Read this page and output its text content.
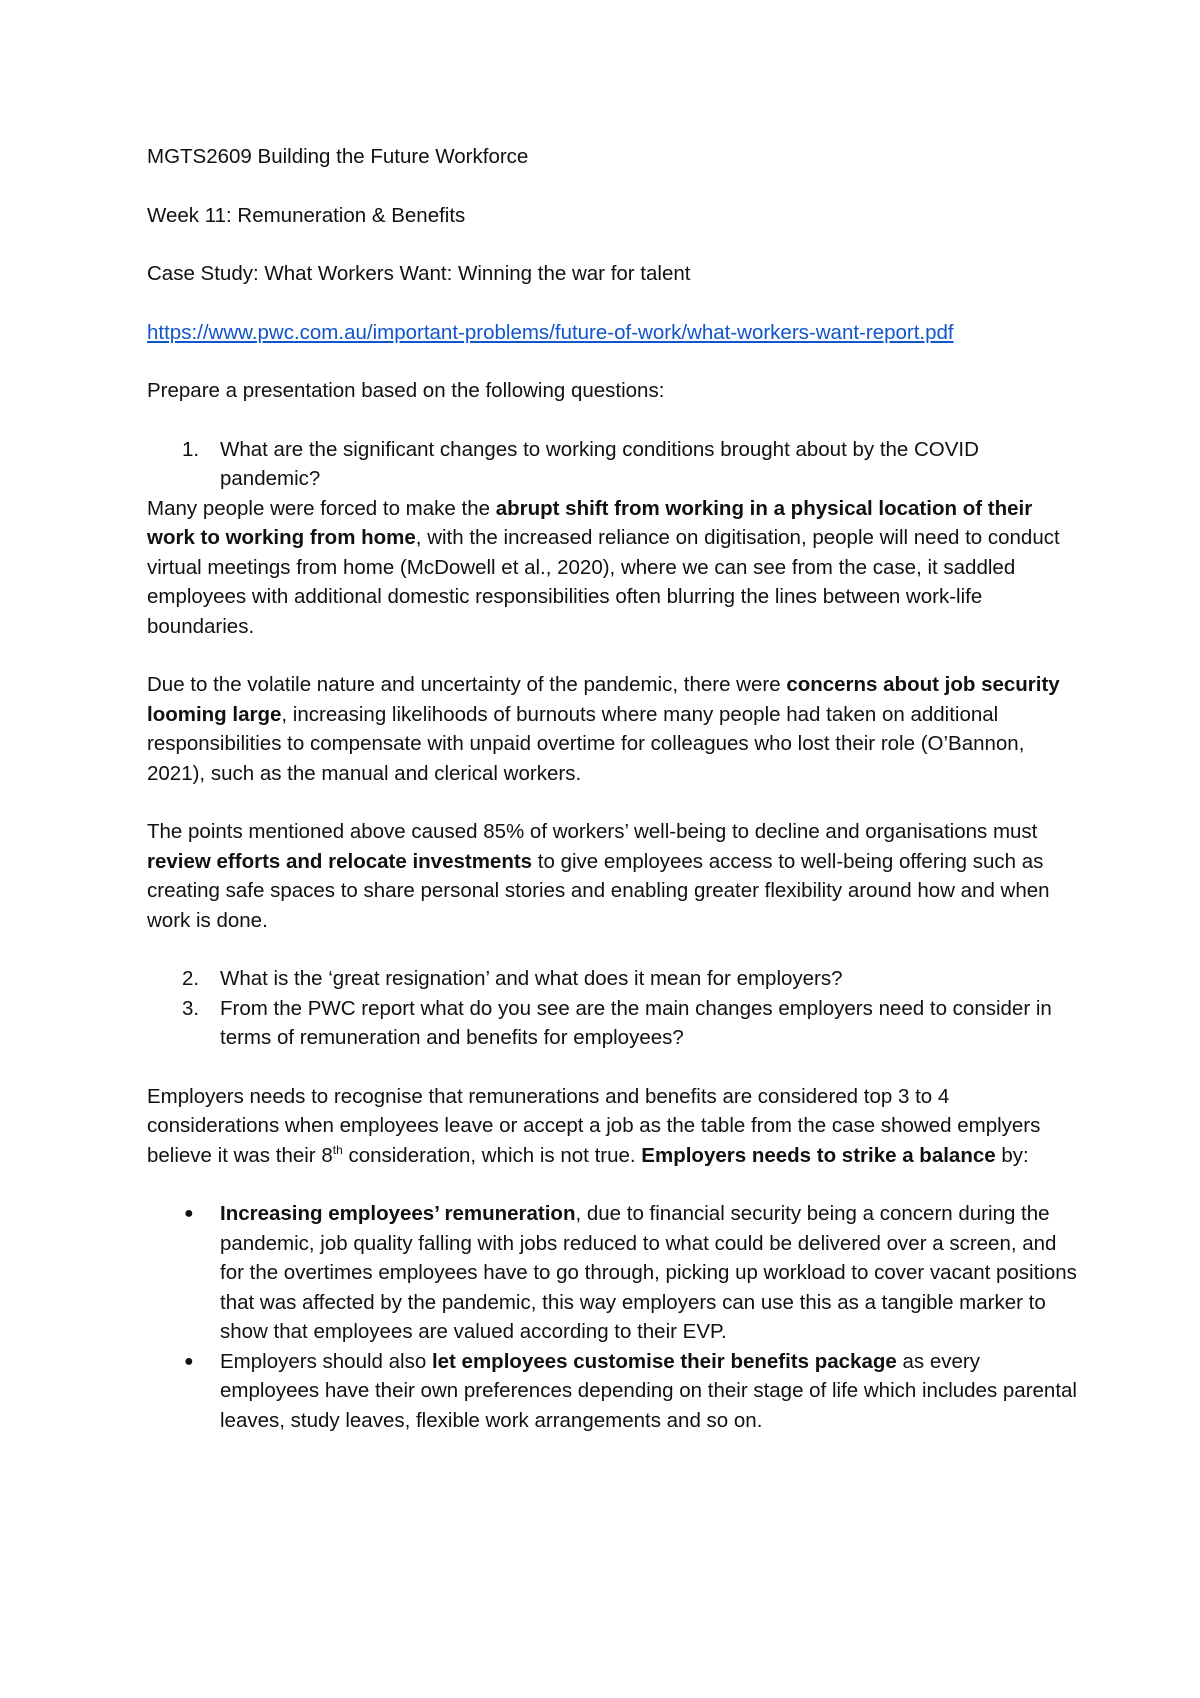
MGTS2609 Building the Future Workforce

Week 11: Remuneration & Benefits

Case Study: What Workers Want: Winning the war for talent

https://www.pwc.com.au/important-problems/future-of-work/what-workers-want-report.pdf

Prepare a presentation based on the following questions:

1. What are the significant changes to working conditions brought about by the COVID pandemic?

Many people were forced to make the abrupt shift from working in a physical location of their work to working from home, with the increased reliance on digitisation, people will need to conduct virtual meetings from home (McDowell et al., 2020), where we can see from the case, it saddled employees with additional domestic responsibilities often blurring the lines between work-life boundaries.

Due to the volatile nature and uncertainty of the pandemic, there were concerns about job security looming large, increasing likelihoods of burnouts where many people had taken on additional responsibilities to compensate with unpaid overtime for colleagues who lost their role (O’Bannon, 2021), such as the manual and clerical workers.

The points mentioned above caused 85% of workers’ well-being to decline and organisations must review efforts and relocate investments to give employees access to well-being offering such as creating safe spaces to share personal stories and enabling greater flexibility around how and when work is done.

2. What is the ‘great resignation’ and what does it mean for employers?
3. From the PWC report what do you see are the main changes employers need to consider in terms of remuneration and benefits for employees?

Employers needs to recognise that remunerations and benefits are considered top 3 to 4 considerations when employees leave or accept a job as the table from the case showed emplyers believe it was their 8th consideration, which is not true. Employers needs to strike a balance by:

● Increasing employees’ remuneration, due to financial security being a concern during the pandemic, job quality falling with jobs reduced to what could be delivered over a screen, and for the overtimes employees have to go through, picking up workload to cover vacant positions that was affected by the pandemic, this way employers can use this as a tangible marker to show that employees are valued according to their EVP.
● Employers should also let employees customise their benefits package as every employees have their own preferences depending on their stage of life which includes parental leaves, study leaves, flexible work arrangements and so on.
